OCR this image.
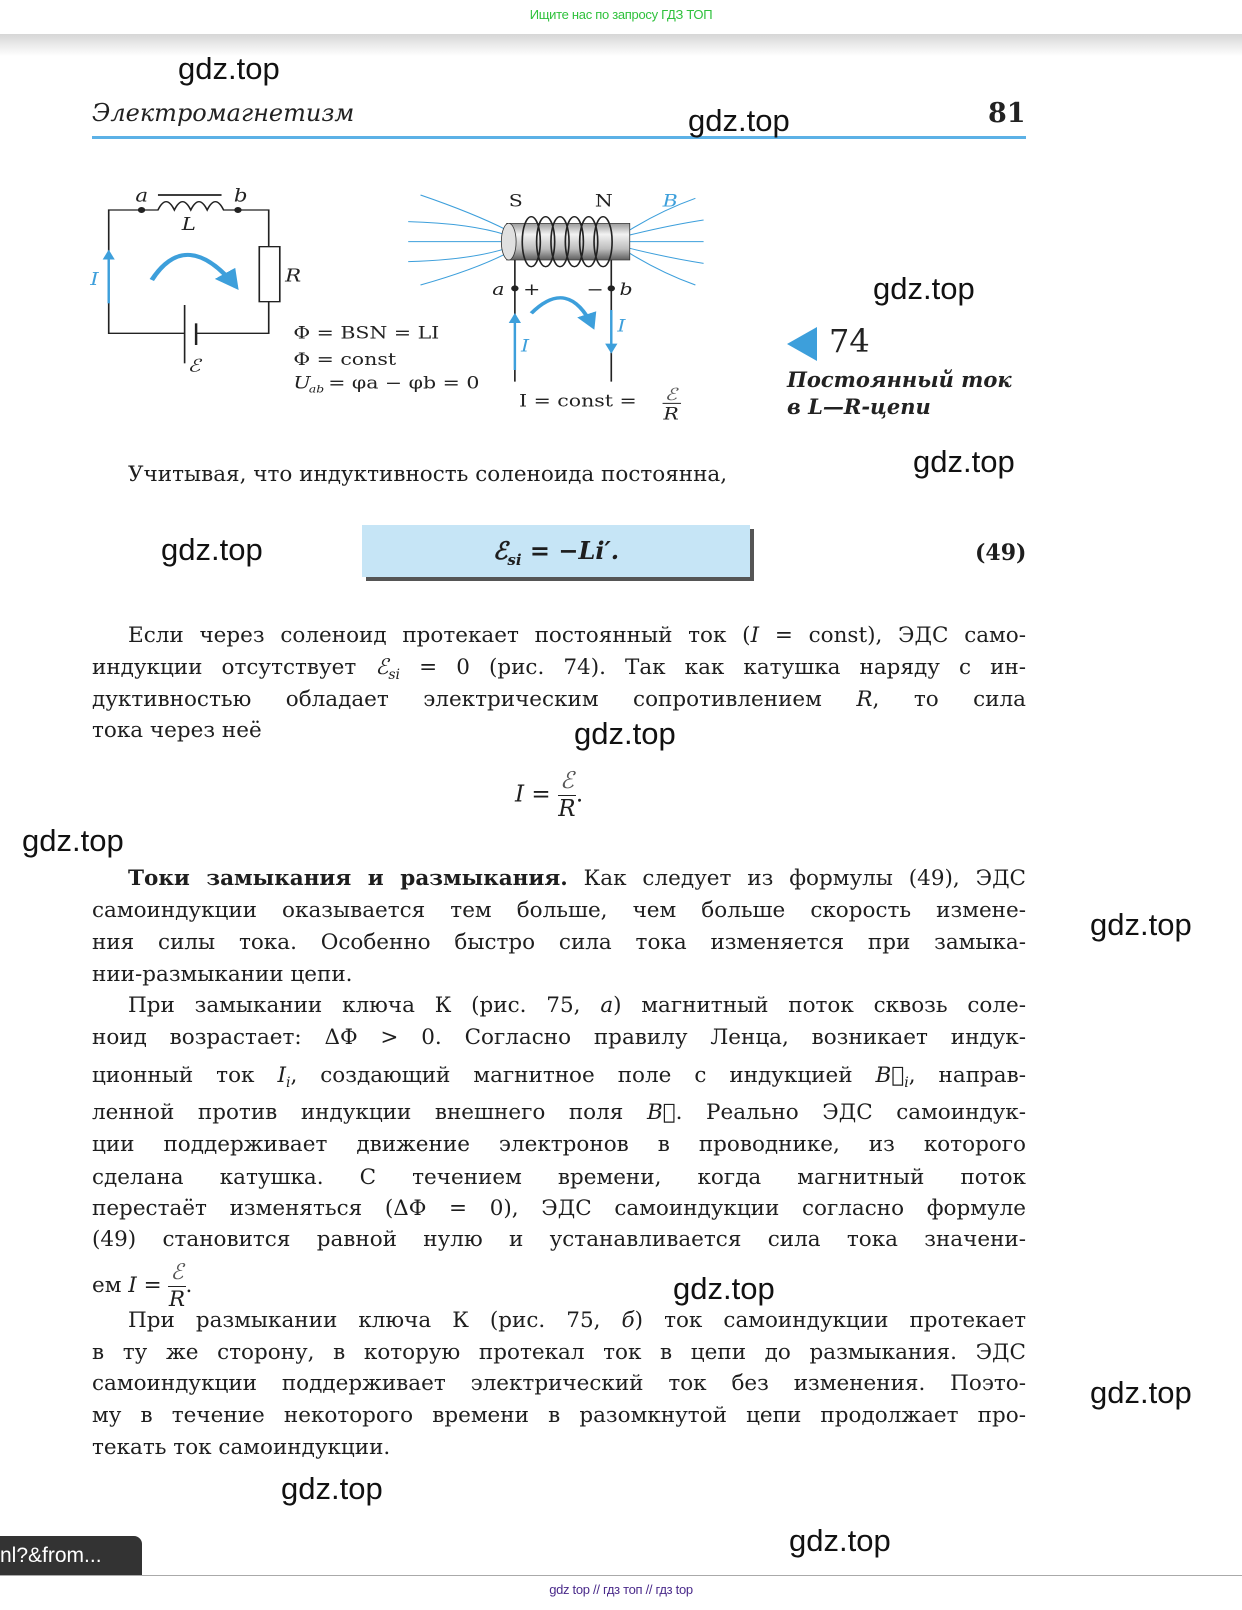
Ищите нас по запросу ГДЗ ТОП
Электромагнетизм	81
a b
L
R
I
ℰ
S N B
a + − b
I
I
Φ = BSN = LI
Φ = const
U
ab = φa − φb = 0
I = const = ℰ
R
74
Постоянный ток
в L—R-цепи
Учитывая, что индуктивность соленоида постоянна,
ℰ$_{si}$ = −Li′.	(49)
Если через соленоид протекает постоянный ток (I = const), ЭДС само-
индукции отсутствует ℰ$_{si}$ = 0 (рис. 74). Так как катушка наряду с ин-
дуктивностью обладает электрическим сопротивлением R, то сила
тока через неё
$I = \frac{\text{ℰ}}{R}$ .
Токи замыкания и размыкания. Как следует из формулы (49), ЭДС
самоиндукции оказывается тем больше, чем больше скорость измене-
ния силы тока. Особенно быстро сила тока изменяется при замыка-
нии-размыкании цепи.
При замыкании ключа К (рис. 75, а) магнитный поток сквозь соле-
ноид возрастает: ΔΦ > 0. Согласно правилу Ленца, возникает индук-
ционный ток $I_i$, создающий магнитное поле с индукцией $B⃗_i$, направ-
ленной против индукции внешнего поля B⃗. Реально ЭДС самоиндук-
ции поддерживает движение электронов в проводнике, из которого
сделана катушка. С течением времени, когда магнитный поток
перестаёт изменяться (ΔΦ = 0), ЭДС самоиндукции согласно формуле
(49) становится равной нулю и устанавливается сила тока значени-
ем $I = \frac{\text{ℰ}}{R}$ .
При размыкании ключа К (рис. 75, б) ток самоиндукции протекает
в ту же сторону, в которую протекал ток в цепи до размыкания. ЭДС
самоиндукции поддерживает электрический ток без изменения. Поэто-
му в течение некоторого времени в разомкнутой цепи продолжает про-
текать ток самоиндукции.
gdz.top
gdz.top
gdz.top
gdz.top
gdz.top
gdz.top
gdz.top
gdz.top
gdz.top
gdz.top
gdz.top
gdz.top
nl?&from...
gdz top // гдз топ // гдз top
